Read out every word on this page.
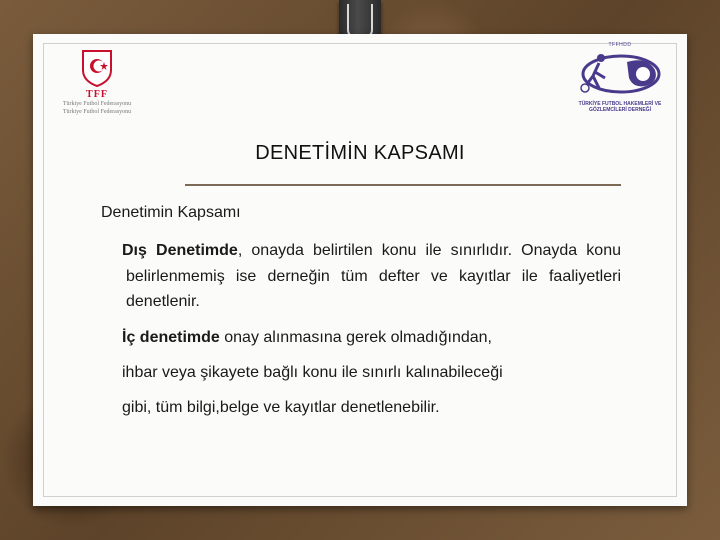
TFF
Türkiye Futbol Federasyonu
Türkiye Futbol Federasyonu
TFFHDD
TÜRKİYE FUTBOL HAKEMLERİ VE GÖZLEMCİLERİ DERNEĞİ
DENETİMİN KAPSAMI
Denetimin Kapsamı
Dış Denetimde, onayda belirtilen konu ile sınırlıdır. Onayda konu belirlenmemiş ise derneğin tüm defter ve kayıtlar ile faaliyetleri denetlenir.
İç denetimde onay alınmasına gerek olmadığından,
ihbar veya şikayete bağlı konu ile sınırlı kalınabileceği
gibi, tüm bilgi,belge ve kayıtlar denetlenebilir.
